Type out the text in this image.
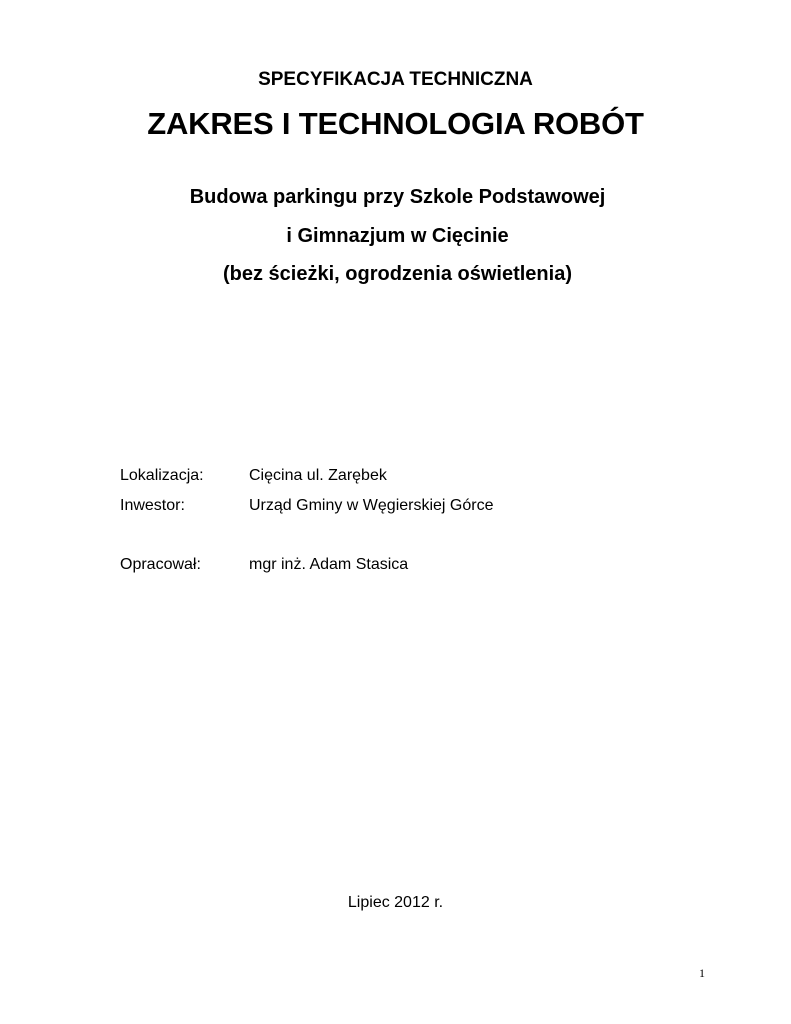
SPECYFIKACJA TECHNICZNA
ZAKRES I TECHNOLOGIA ROBÓT
Budowa parkingu przy Szkole Podstawowej
i Gimnazjum w Cięcinie
(bez ścieżki, ogrodzenia oświetlenia)
Lokalizacja:	Cięcina ul. Zarębek
Inwestor:	Urząd Gminy w Węgierskiej Górce
Opracował:	mgr inż. Adam Stasica
Lipiec 2012 r.
1
